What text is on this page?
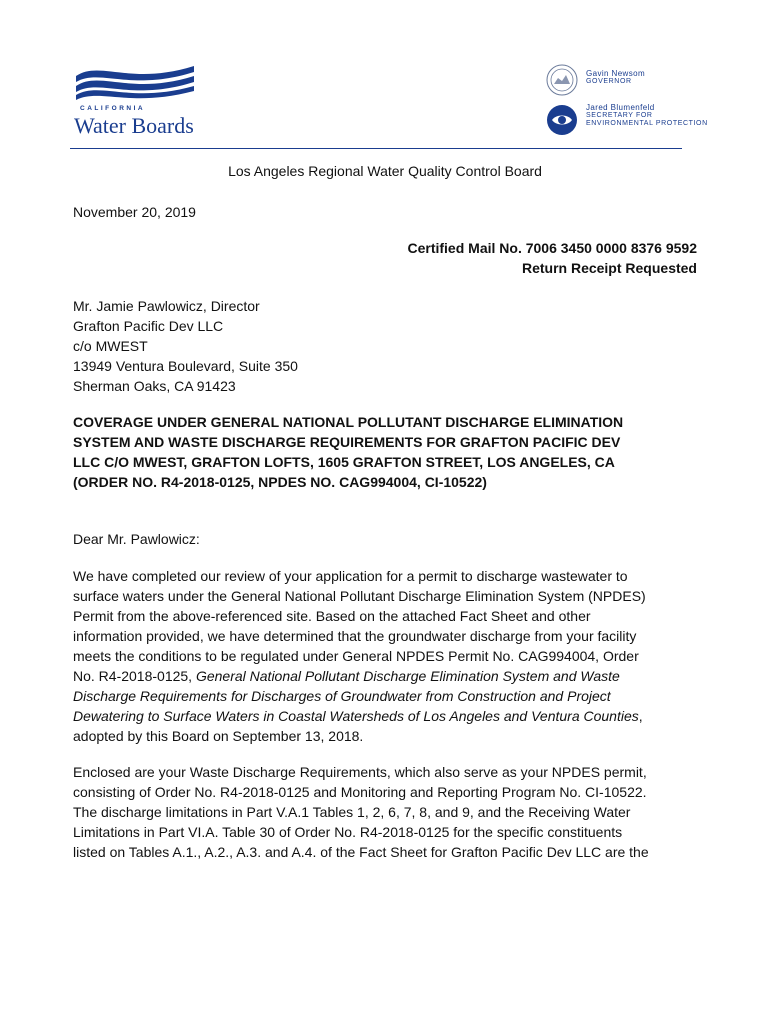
CALIFORNIA
Water Boards
Gavin Newsom
GOVERNOR
Jared Blumenfeld
SECRETARY FOR
ENVIRONMENTAL PROTECTION
Los Angeles Regional Water Quality Control Board
November 20, 2019
Certified Mail No. 7006 3450 0000 8376 9592
Return Receipt Requested
Mr. Jamie Pawlowicz, Director
Grafton Pacific Dev LLC
c/o MWEST
13949 Ventura Boulevard, Suite 350
Sherman Oaks, CA 91423
COVERAGE UNDER GENERAL NATIONAL POLLUTANT DISCHARGE ELIMINATION
SYSTEM AND WASTE DISCHARGE REQUIREMENTS FOR GRAFTON PACIFIC DEV
LLC C/O MWEST, GRAFTON LOFTS, 1605 GRAFTON STREET, LOS ANGELES, CA
(ORDER NO. R4-2018-0125, NPDES NO. CAG994004, CI-10522)
Dear Mr. Pawlowicz:
We have completed our review of your application for a permit to discharge wastewater to
surface waters under the General National Pollutant Discharge Elimination System (NPDES)
Permit from the above-referenced site. Based on the attached Fact Sheet and other
information provided, we have determined that the groundwater discharge from your facility
meets the conditions to be regulated under General NPDES Permit No. CAG994004, Order
No. R4-2018-0125, General National Pollutant Discharge Elimination System and Waste
Discharge Requirements for Discharges of Groundwater from Construction and Project
Dewatering to Surface Waters in Coastal Watersheds of Los Angeles and Ventura Counties,
adopted by this Board on September 13, 2018.
Enclosed are your Waste Discharge Requirements, which also serve as your NPDES permit,
consisting of Order No. R4-2018-0125 and Monitoring and Reporting Program No. CI-10522.
The discharge limitations in Part V.A.1 Tables 1, 2, 6, 7, 8, and 9, and the Receiving Water
Limitations in Part VI.A. Table 30 of Order No. R4-2018-0125 for the specific constituents
listed on Tables A.1., A.2., A.3. and A.4. of the Fact Sheet for Grafton Pacific Dev LLC are the
